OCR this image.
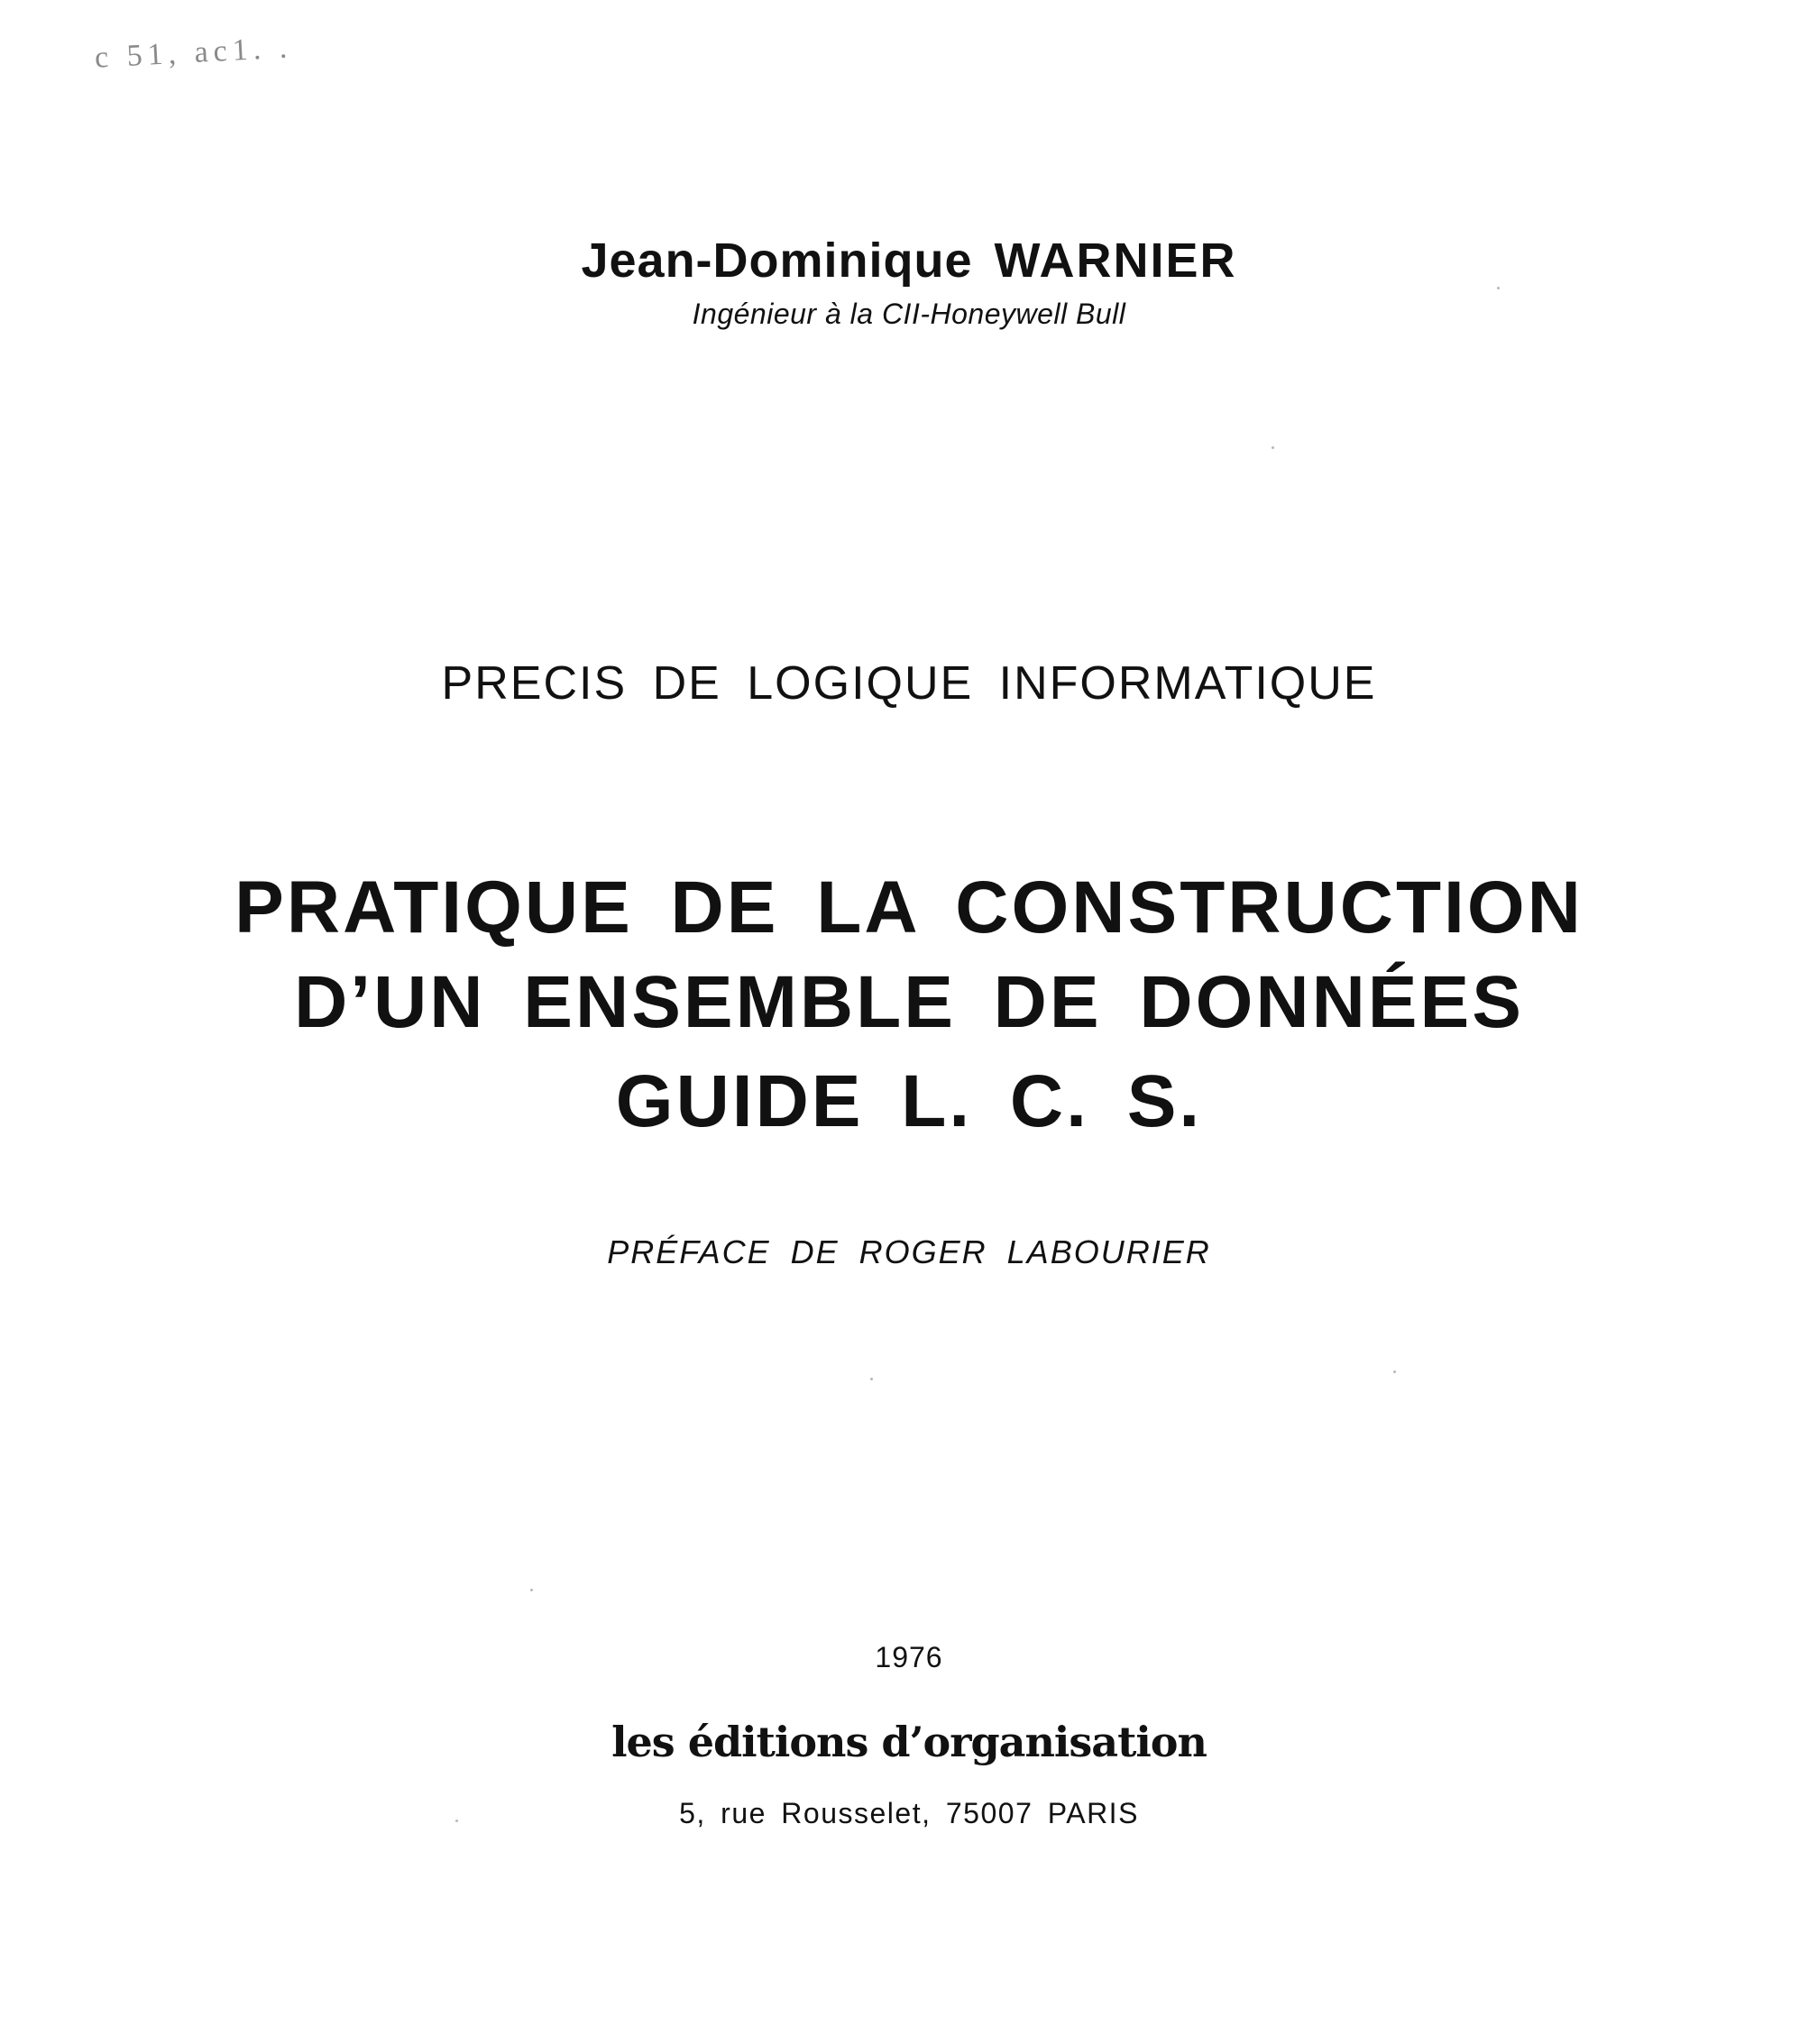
c 51, ac1. .
Jean-Dominique WARNIER
Ingénieur à la CII-Honeywell Bull
PRECIS DE LOGIQUE INFORMATIQUE
PRATIQUE DE LA CONSTRUCTION
D’UN ENSEMBLE DE DONNÉES
GUIDE L. C. S.
PRÉFACE DE ROGER LABOURIER
1976
les éditions d’organisation
5, rue Rousselet, 75007 PARIS
